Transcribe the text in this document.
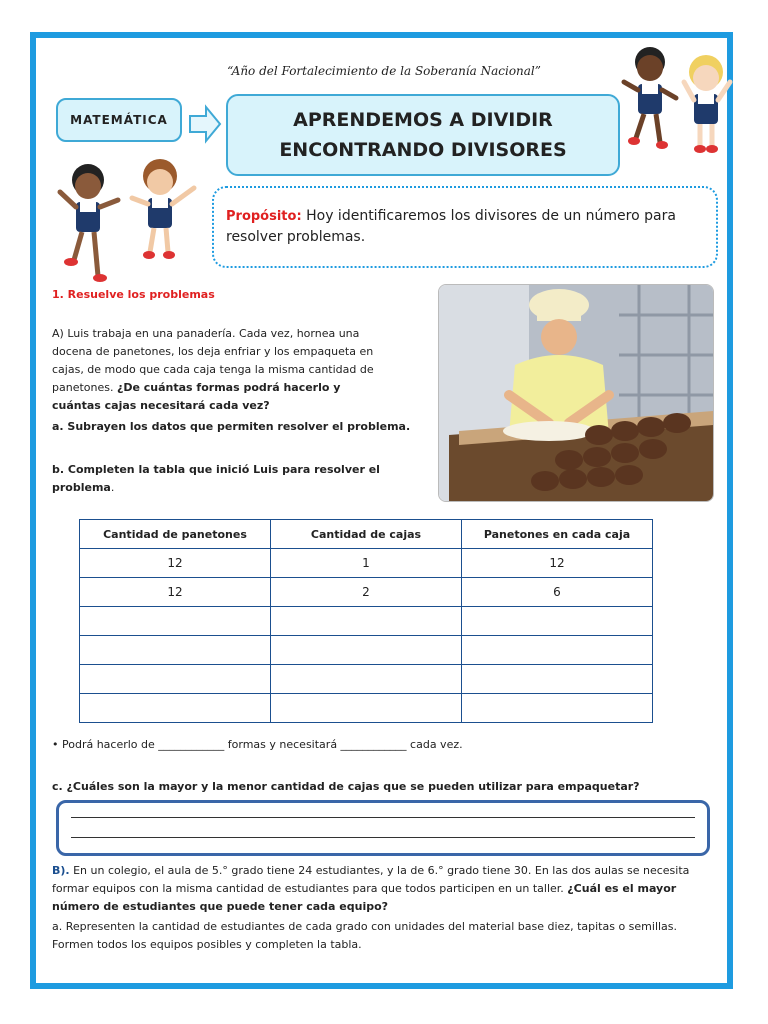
“Año del Fortalecimiento de la Soberanía Nacional”
MATEMÁTICA	APRENDEMOS A DIVIDIR
ENCONTRANDO DIVISORES
Propósito: Hoy identificaremos los divisores de un número para resolver problemas.
1. Resuelve los problemas
A) Luis trabaja en una panadería. Cada vez, hornea una docena de panetones, los deja enfriar y los empaqueta en cajas, de modo que cada caja tenga la misma cantidad de panetones. ¿De cuántas formas podrá hacerlo y cuántas cajas necesitará cada vez?
a. Subrayen los datos que permiten resolver el problema.
b. Completen la tabla que inició Luis para resolver el problema.
Cantidad de panetones	Cantidad de cajas	Panetones en cada caja
12	1	12
12	2	6

• Podrá hacerlo de ____________ formas y necesitará ____________ cada vez.
c. ¿Cuáles son la mayor y la menor cantidad de cajas que se pueden utilizar para empaquetar?
B). En un colegio, el aula de 5.° grado tiene 24 estudiantes, y la de 6.° grado tiene 30. En las dos aulas se necesita formar equipos con la misma cantidad de estudiantes para que todos participen en un taller. ¿Cuál es el mayor número de estudiantes que puede tener cada equipo?
a. Representen la cantidad de estudiantes de cada grado con unidades del material base diez, tapitas o semillas. Formen todos los equipos posibles y completen la tabla.
